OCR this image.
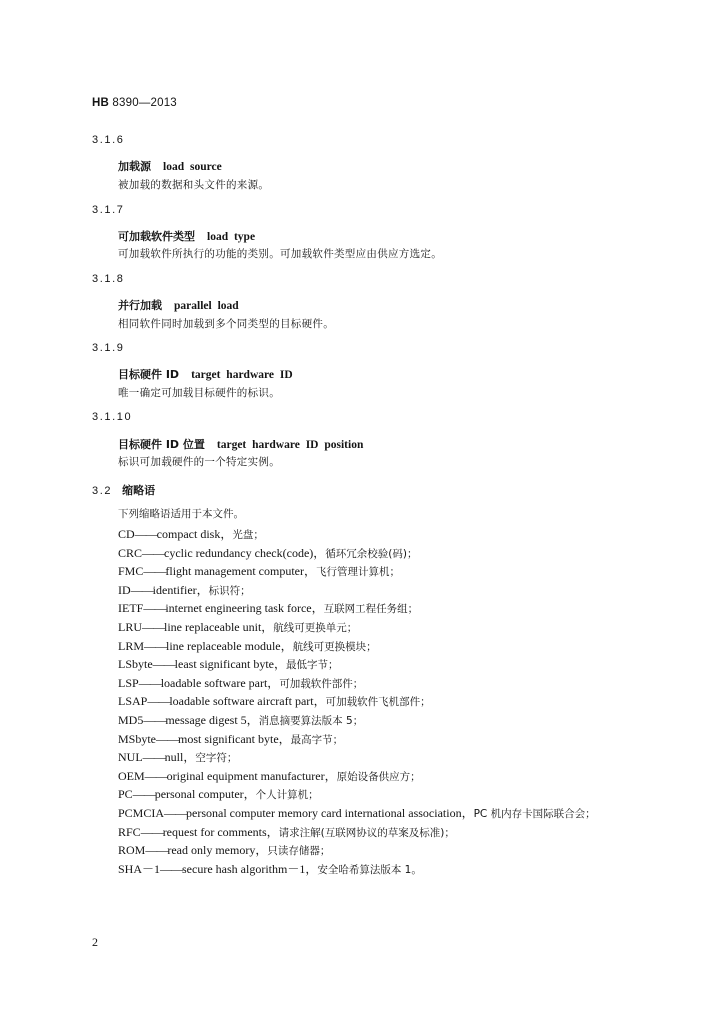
HB 8390—2013
3.1.6
加载源 load source
被加载的数据和头文件的来源。
3.1.7
可加载软件类型 load type
可加载软件所执行的功能的类别。可加载软件类型应由供应方选定。
3.1.8
并行加载 parallel load
相同软件同时加载到多个同类型的目标硬件。
3.1.9
目标硬件 ID target hardware ID
唯一确定可加载目标硬件的标识。
3.1.10
目标硬件 ID 位置 target hardware ID position
标识可加载硬件的一个特定实例。
3.2 缩略语
下列缩略语适用于本文件。
CD——compact disk，光盘；
CRC——cyclic redundancy check(code)，循环冗余校验(码)；
FMC——flight management computer，飞行管理计算机；
ID——identifier，标识符；
IETF——internet engineering task force，互联网工程任务组；
LRU——line replaceable unit，航线可更换单元；
LRM——line replaceable module，航线可更换模块；
LSbyte——least significant byte，最低字节；
LSP——loadable software part，可加载软件部件；
LSAP——loadable software aircraft part，可加载软件飞机部件；
MD5——message digest 5，消息摘要算法版本 5；
MSbyte——most significant byte，最高字节；
NUL——null，空字符；
OEM——original equipment manufacturer，原始设备供应方；
PC——personal computer，个人计算机；
PCMCIA——personal computer memory card international association，PC 机内存卡国际联合会；
RFC——request for comments，请求注解(互联网协议的草案及标准)；
ROM——read only memory，只读存储器；
SHA－1——secure hash algorithm－1，安全哈希算法版本 1。
2
